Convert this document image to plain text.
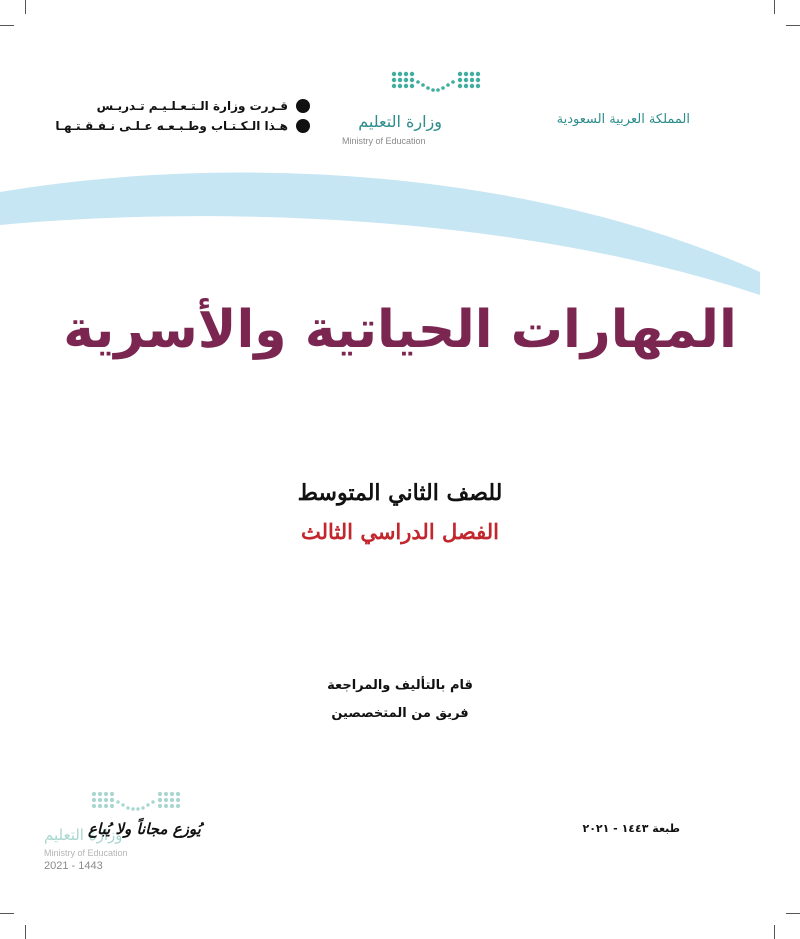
المملكة العربية السعودية
وزارة التعليم
Ministry of Education
قـررت وزارة الـتـعـلـيـم تـدريـس
هـذا الـكـتـاب وطـبـعـه عـلـى نـفـقـتـهـا
المهارات الحياتية والأسرية
للصف الثاني المتوسط
الفصل الدراسي الثالث
قام بالتأليف والمراجعة
فريق من المتخصصين
وزارة التعليم
يُوزع مجاناً ولا يُباع
Ministry of Education
2021 - 1443
طبعة ١٤٤٣ - ٢٠٢١
